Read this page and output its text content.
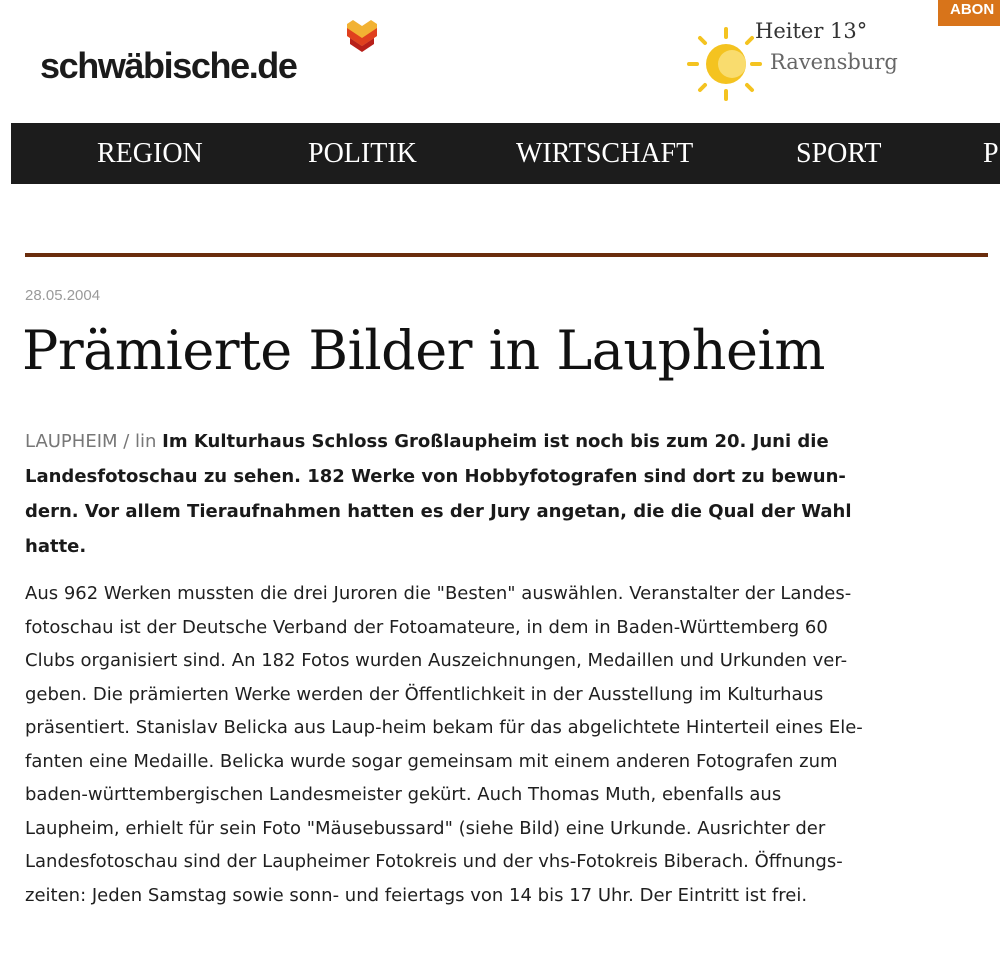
ABON
schwäbische.de
Heiter 13°
Ravensburg
REGION	POLITIK	WIRTSCHAFT	SPORT	P
28.05.2004
Prämierte Bilder in Laupheim

LAUPHEIM / lin Im Kulturhaus Schloss Großlaupheim ist noch bis zum 20. Juni die
Landesfotoschau zu sehen. 182 Werke von Hobbyfotografen sind dort zu bewun-
dern. Vor allem Tieraufnahmen hatten es der Jury angetan, die die Qual der Wahl
hatte.

Aus 962 Werken mussten die drei Juroren die "Besten" auswählen. Veranstalter der Landes-
fotoschau ist der Deutsche Verband der Fotoamateure, in dem in Baden-Württemberg 60
Clubs organisiert sind. An 182 Fotos wurden Auszeichnungen, Medaillen und Urkunden ver-
geben. Die prämierten Werke werden der Öffentlichkeit in der Ausstellung im Kulturhaus
präsentiert. Stanislav Belicka aus Laup-heim bekam für das abgelichtete Hinterteil eines Ele-
fanten eine Medaille. Belicka wurde sogar gemeinsam mit einem anderen Fotografen zum
baden-württembergischen Landesmeister gekürt. Auch Thomas Muth, ebenfalls aus
Laupheim, erhielt für sein Foto "Mäusebussard" (siehe Bild) eine Urkunde. Ausrichter der
Landesfotoschau sind der Laupheimer Fotokreis und der vhs-Fotokreis Biberach. Öffnungs-
zeiten: Jeden Samstag sowie sonn- und feiertags von 14 bis 17 Uhr. Der Eintritt ist frei.
